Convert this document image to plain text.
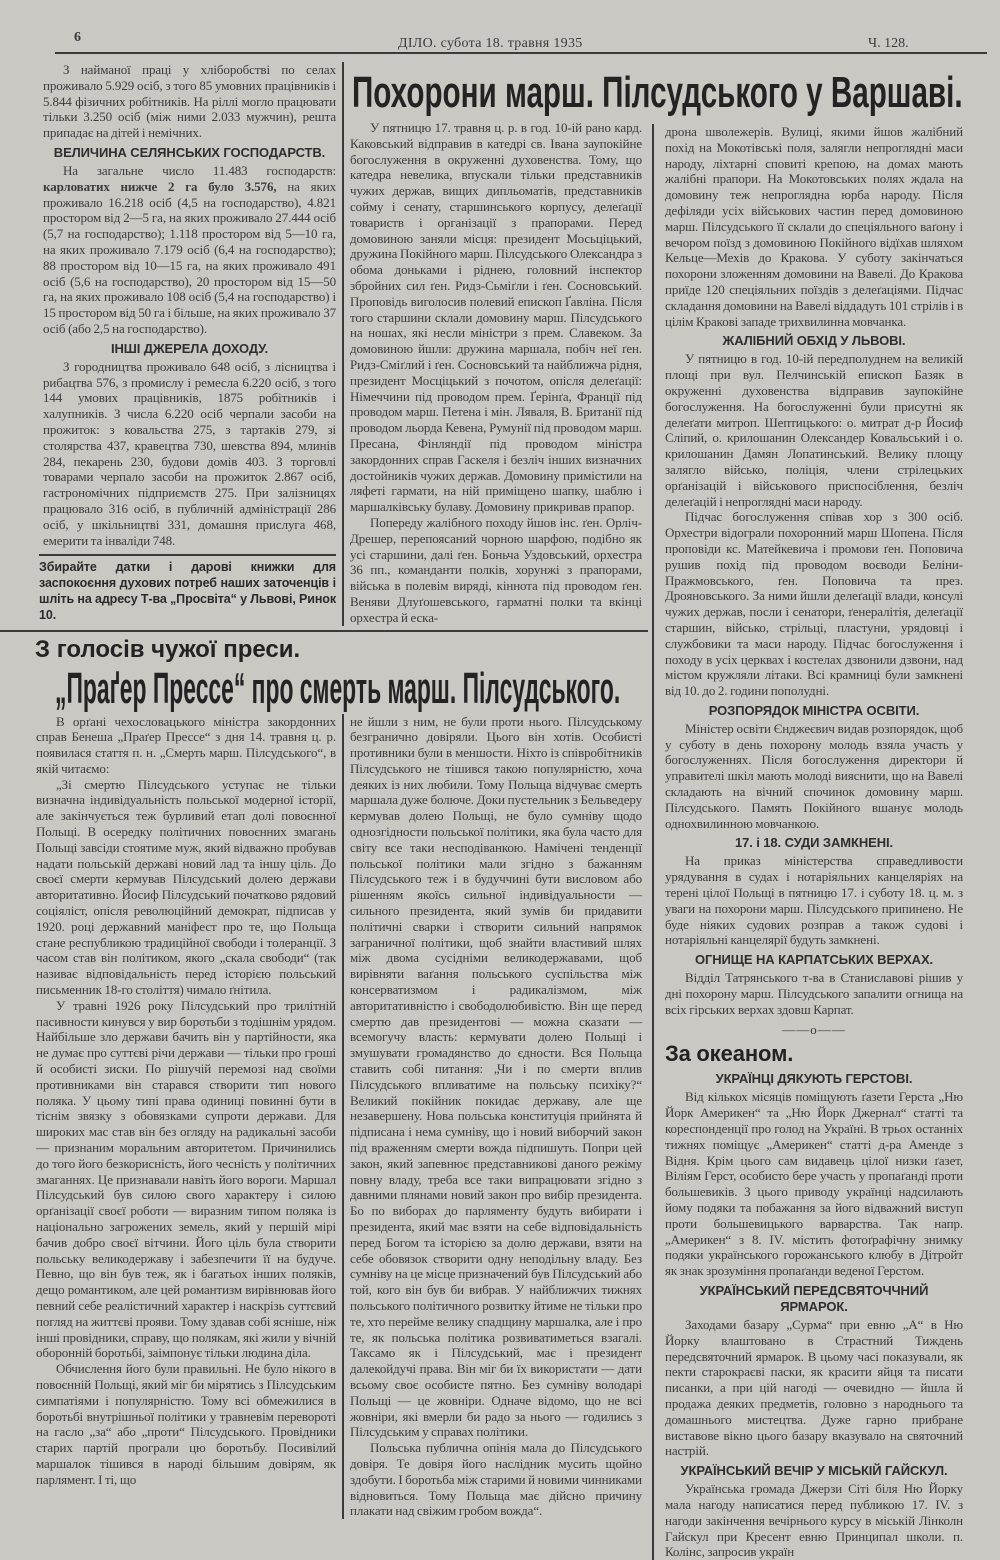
6	ДІЛО. субота 18. травня 1935	Ч. 128.
Похорони марш. Пілсудського у Варшаві.

З найманої праці у хліборобстві по селах проживало 5.929 осіб, з того 85 умовних працівників і 5.844 фізичних робітників. На ріллі могло працювати тільки 3.250 осіб (між ними 2.033 мужчин), решта припадає на дітей і немічних.

ВЕЛИЧИНА СЕЛЯНСЬКИХ ГОСПОДАРСТВ.

На загальне число 11.483 господарств: карловатих нижче 2 га було 3.576, на яких проживало 16.218 осіб (4,5 на господарство), 4.821 простором від 2—5 га, на яких проживало 27.444 осіб (5,7 на господарство); 1.118 простором від 5—10 га, на яких проживало 7.179 осіб (6,4 на господарство); 88 простором від 10—15 га, на яких проживало 491 осіб (5,6 на господарство), 20 простором від 15—50 га, на яких проживало 108 осіб (5,4 на господарство) і 15 простором від 50 га і більше, на яких проживало 37 осіб (або 2,5 на господарство).

ІНШІ ДЖЕРЕЛА ДОХОДУ.

З городництва проживало 648 осіб, з лісництва і рибацтва 576, з промислу і ремесла 6.220 осіб, з того 144 умових працівників, 1875 робітників і халупників. З числа 6.220 осіб черпали засоби на прожиток: з ковальства 275, з тартаків 279, зі столярства 437, кравецтва 730, шевства 894, млинів 284, пекарень 230, будови домів 403. З торговлі товарами черпало засоби на прожиток 2.867 осіб, гастрономічних підприємств 275. При залізницях працювало 316 осіб, в публичній адміністрації 286 осіб, у шкільництві 331, домашня прислуга 468, емерити та інваліди 748.

Збирайте датки і дарові книжки для заспокоєння духових потреб наших заточенців і шліть на адресу Т-ва „Просвіта“ у Львові, Ринок 10.

У пятницю 17. травня ц. р. в год. 10-ій рано кард. Каковський відправив в катедрі св. Івана заупокійне богослуження в окруженні духовенства. Тому, що катедра невелика, впускали тільки представників чужих держав, вищих дипльоматів, представників сойму і сенату, старшинського корпусу, делеґації товариств і організації з прапорами. Перед домовиною заняли місця: президент Мосьціцький, дружина Покійного марш. Пілсудського Олександра з обома доньками і ріднею, головний інспектор збройних сил ґен. Ридз-Сьміґли і ґен. Сосновський. Проповідь виголосив полевий епископ Ґавліна. Після того старшини склали домовину марш. Пілсудського на ношах, які несли міністри з прем. Славеком. За домовиною йшли: дружина маршала, побіч неї ґен. Ридз-Сміґлий і ґен. Сосновський та найближча рідня, президент Мосціцький з почотом, опісля делеґації: Німеччини під проводом прем. Ґерінґа, Франції під проводом марш. Петена і мін. Ляваля, В. Британії під проводом льорда Кевена, Румунії під проводом марш. Пресана, Фінляндії під проводом міністра закордонних справ Гаскеля і безліч інших визначних достойників чужих держав. Домовину примістили на ляфеті гармати, на ній приміщено шапку, шаблю і маршалківську булаву. Домовину прикривав прапор.

Попереду жалібного походу йшов інс. ґен. Орліч-Дрешер, перепоясаний чорною шарфою, подібно як усі старшини, далі ґен. Боньча Уздовський, орхестра 36 пп., команданти полків, хорунжі з прапорами, війська в полевім виряді, кіннота під проводом ґен. Веняви Длуґошевського, гарматні полки та вкінці орхестра й еска-

З голосів чужої преси.
„Праґер Прессе“ про смерть марш. Пілсудського.

В орґані чехословацького міністра закордонних справ Бенеша „Праґер Прессе“ з дня 14. травня ц. р. появилася стаття п. н. „Смерть марш. Пілсудського“, в якій читаємо:

„Зі смертю Пілсудського уступає не тільки визначна індивідуальність польської модерної історії, але закінчується теж бурливий етап долі повоєнної Польщі. В осередку політичних повоєнних змагань Польщі завсіди стоятиме муж, який відважно пробував надати польській державі новий лад та іншу ціль. До своєї смерти кермував Пілсудський долею держави авторитативно. Йосиф Пілсудський початково рядовий соціяліст, опісля революційний демократ, підписав у 1920. році державний маніфест про те, що Польща стане республикою традиційної свободи і толеранції. З часом став він політиком, якого „скала свободи“ (так називає відповідальність перед історією польський письменник 18-го століття) чимало ґнітила.

У травні 1926 року Пілсудський про трилітній пасивности кинувся у вир боротьби з тодішнім урядом. Найбільше зло держави бачить він у партійности, яка не думає про суттєві річи держави — тільки про гроші й особисті зиски. По рішучій перемозі над своїми противниками він старався створити тип нового поляка. У цьому типі права одиниці повинні бути в тіснім звязку з обовязками супроти держави. Для широких мас став він без огляду на радикальні засоби — признаним моральним авторитетом. Причинились до того його безкорисність, його чесність у політичних змаганнях. Це признавали навіть його вороги. Маршал Пілсудський був силою свого характеру і силою орґанізації своєї роботи — виразним типом поляка із національно загрожених земель, який у першій мірі бачив добро своєї вітчини. Його ціль була створити польську великодержаву і забезпечити її на будуче. Певно, що він був теж, як і багатьох інших поляків, дещо романтиком, але цей романтизм вирівнював його певний себе реалістичний характер і наскрізь суттєвий погляд на життєві прояви. Тому здавав собі ясніше, ніж інші провідники, справу, що полякам, які жили у вічній оборонній боротьбі, заімпонує тільки людина діла.

Обчислення його були правильні. Не було нікого в повоєнній Польщі, який міг би мірятись з Пілсудським симпатіями і популярністю. Тому всі обмежилися в боротьбі внутрішньої політики у травневім перевороті на гасло „за“ або „проти“ Пілсудського. Провідники старих партій програли цю боротьбу. Посивілий маршалок тішився в народі більшим довірям, як парлямент. І ті, що

не йшли з ним, не були проти нього. Пілсудському безгранично довіряли. Цього він хотів. Особисті противники були в меншости. Ніхто із співробітників Пілсудського не тішився такою популярністю, хоча деяких із них любили. Тому Польща відчуває смерть маршала дуже болюче. Доки пустельник з Бельведеру кермував долею Польщі, не було сумніву щодо однозгідности польської політики, яка була часто для світу все таки несподіванкою. Намічені тенденції польської політики мали згідно з бажанням Пілсудського теж і в будуччині бути висловом або рішенням якоїсь сильної індивідуальности — сильного президента, який зумів би придавити політичні сварки і створити сильний напрямок заграничної політики, щоб знайти властивий шлях між двома сусідніми великодержавами, щоб вирівняти ваґання польського суспільства між консерватизмом і радикалізмом, між авторитативністю і свободолюбивістю. Він ще перед смертю дав президентові — можна сказати — всемогучу власть: кермувати долею Польщі і змушувати громадянство до єдности. Вся Польща ставить собі питання: „Чи і по смерти вплив Пілсудського впливатиме на польську психіку?“ Великий покійник покидає державу, але ще незавершену. Нова польська конституція прийнята й підписана і нема сумніву, що і новий виборчий закон під враженням смерти вожда підпишуть. Попри цей закон, який запевнює представникові даного режіму повну владу, треба все таки випрацювати згідно з давними плянами новий закон про вибір президента. Бо по виборах до парляменту будуть вибирати і президента, який має взяти на себе відповідальність перед Богом та історією за долю держави, взяти на себе обовязок створити одну неподільну владу. Без сумніву на це місце призначений був Пілсудський або той, кого він був би вибрав. У найближчих тижнях польського політичного розвитку йтиме не тільки про те, хто перейме велику спадщину маршалка, але і про те, як польська політика розвиватиметься взагалі. Таксамо як і Пілсудський, має і президент далекойдучі права. Він міг би їх використати — дати всьому своє особисте пятно. Без сумніву володарі Польщі — це жовніри. Одначе відомо, що не всі жовніри, які вмерли би радо за нього — годились з Пілсудським у справах політики.

Польська публична опінія мала до Пілсудського довіря. Те довіря його наслідник мусить щойно здобути. І боротьба між старими й новими чинниками відновиться. Тому Польща має дійсно причину плакати над свіжим гробом вожда“.

дрона шволежерів. Вулиці, якими йшов жалібний похід на Мокотівські поля, залягли непроглядні маси народу, ліхтарні сповиті крепою, на домах мають жалібні прапори. На Мокотовських полях ждала на домовину теж непроглядна юрба народу. Після дефіляди усіх військових частин перед домовиною марш. Пілсудського її склали до спеціяльного ваґону і вечором поїзд з домовиною Покійного відїхав шляхом Кельце—Мехів до Кракова. У суботу закінчаться похорони зложенням домовини на Вавелі. До Кракова приїде 120 спеціяльних поїздів з делеґаціями. Підчас складання домовини на Вавелі віддадуть 101 стрілів і в цілім Кракові западе трихвилинна мовчанка.

ЖАЛІБНИЙ ОБХІД У ЛЬВОВІ.

У пятницю в год. 10-ій передполуднем на великій площі при вул. Пелчинській епископ Базяк в окруженні духовенства відправив заупокійне богослуження. На богослуженні були присутні як делеґати митроп. Шептицького: о. митрат д-р Йосиф Сліпий, о. крилошанин Олександер Ковальський і о. крилошанин Дамян Лопатинський. Велику площу залягло військо, поліція, члени стрілецьких орґанізацій і військового приспосіблення, безліч делеґацій і непроглядні маси народу.

Підчас богослуження співав хор з 300 осіб. Орхестри відограли похоронний марш Шопена. Після проповіди кс. Матейкевича і промови ґен. Поповича рушив похід під проводом воєводи Беліни-Пражмовського, ґен. Поповича та през. Дрояновського. За ними йшли делеґації влади, консулі чужих держав, посли і сенатори, ґенералітія, делеґації старшин, військо, стрільці, пластуни, урядовці і службовики та маси народу. Підчас богослуження і походу в усіх церквах і костелах дзвонили дзвони, над містом кружляли літаки. Всі крамниці були замкнені від 10. до 2. години пополудні.

РОЗПОРЯДОК МІНІСТРА ОСВІТИ.

Міністер освіти Єнджеєвич видав розпорядок, щоб у суботу в день похорону молодь взяла участь у богослуженнях. Після богослуження директори й управителі шкіл мають молоді вияснити, що на Вавелі складають на вічний спочинок домовину марш. Пілсудського. Память Покійного вшанує молодь однохвилинною мовчанкою.

17. і 18. СУДИ ЗАМКНЕНІ.

На приказ міністерства справедливости урядування в судах і нотаріяльних канцеляріях на терені цілої Польщі в пятницю 17. і суботу 18. ц. м. з уваги на похорони марш. Пілсудського припинено. Не буде ніяких судових розправ а також судові і нотаріяльні канцелярії будуть замкнені.

ОГНИЩЕ НА КАРПАТСЬКИХ ВЕРХАХ.

Відділ Татрянського т-ва в Станиславові рішив у дні похорону марш. Пілсудського запалити огнища на всіх гірських верхах здовш Карпат.

——o——
За океаном.
УКРАЇНЦІ ДЯКУЮТЬ ГЕРСТОВІ.

Від кількох місяців поміщують ґазети Герста „Ню Йорк Америкен“ та „Ню Йорк Джернал“ статті та кореспонденції про голод на Україні. В трьох останніх тижнях поміщує „Америкен“ статті д-ра Аменде з Відня. Крім цього сам видавець цілої низки ґазет, Віліям Герст, особисто бере участь у пропаґанді проти большевиків. З цього приводу українці надсилають йому подяки та побажання за його відважний виступ проти большевицького варварства. Так напр. „Америкен“ з 8. IV. містить фотоґрафічну знимку подяки українського горожанського клюбу в Дітройт як знак зрозуміння пропаґанди веденої Герстом.

УКРАЇНСЬКИЙ ПЕРЕДСВЯТОЧЧНИЙ ЯРМАРОК.

Заходами базару „Сурма“ при евню „А“ в Ню Йорку влаштовано в Страстний Тиждень передсвяточний ярмарок. В цьому часі показували, як пекти старокраєві паски, як красити яйця та писати писанки, а при цій нагоді — очевидно — йшла й продажа деяких предметів, головно з народнього та домашнього мистецтва. Дуже гарно прибране виставове вікно цього базару вказувало на святочний настрій.

УКРАЇНСЬКИЙ ВЕЧІР У МІСЬКІЙ ГАЙСКУЛ.

Українська громада Джерзи Сіті біля Ню Йорку мала нагоду написатися перед публикою 17. IV. з нагоди закінчення вечірнього курсу в міській Лінколн Гайскул при Кресент евню Принципал школи. п. Колінс, запросив україн
